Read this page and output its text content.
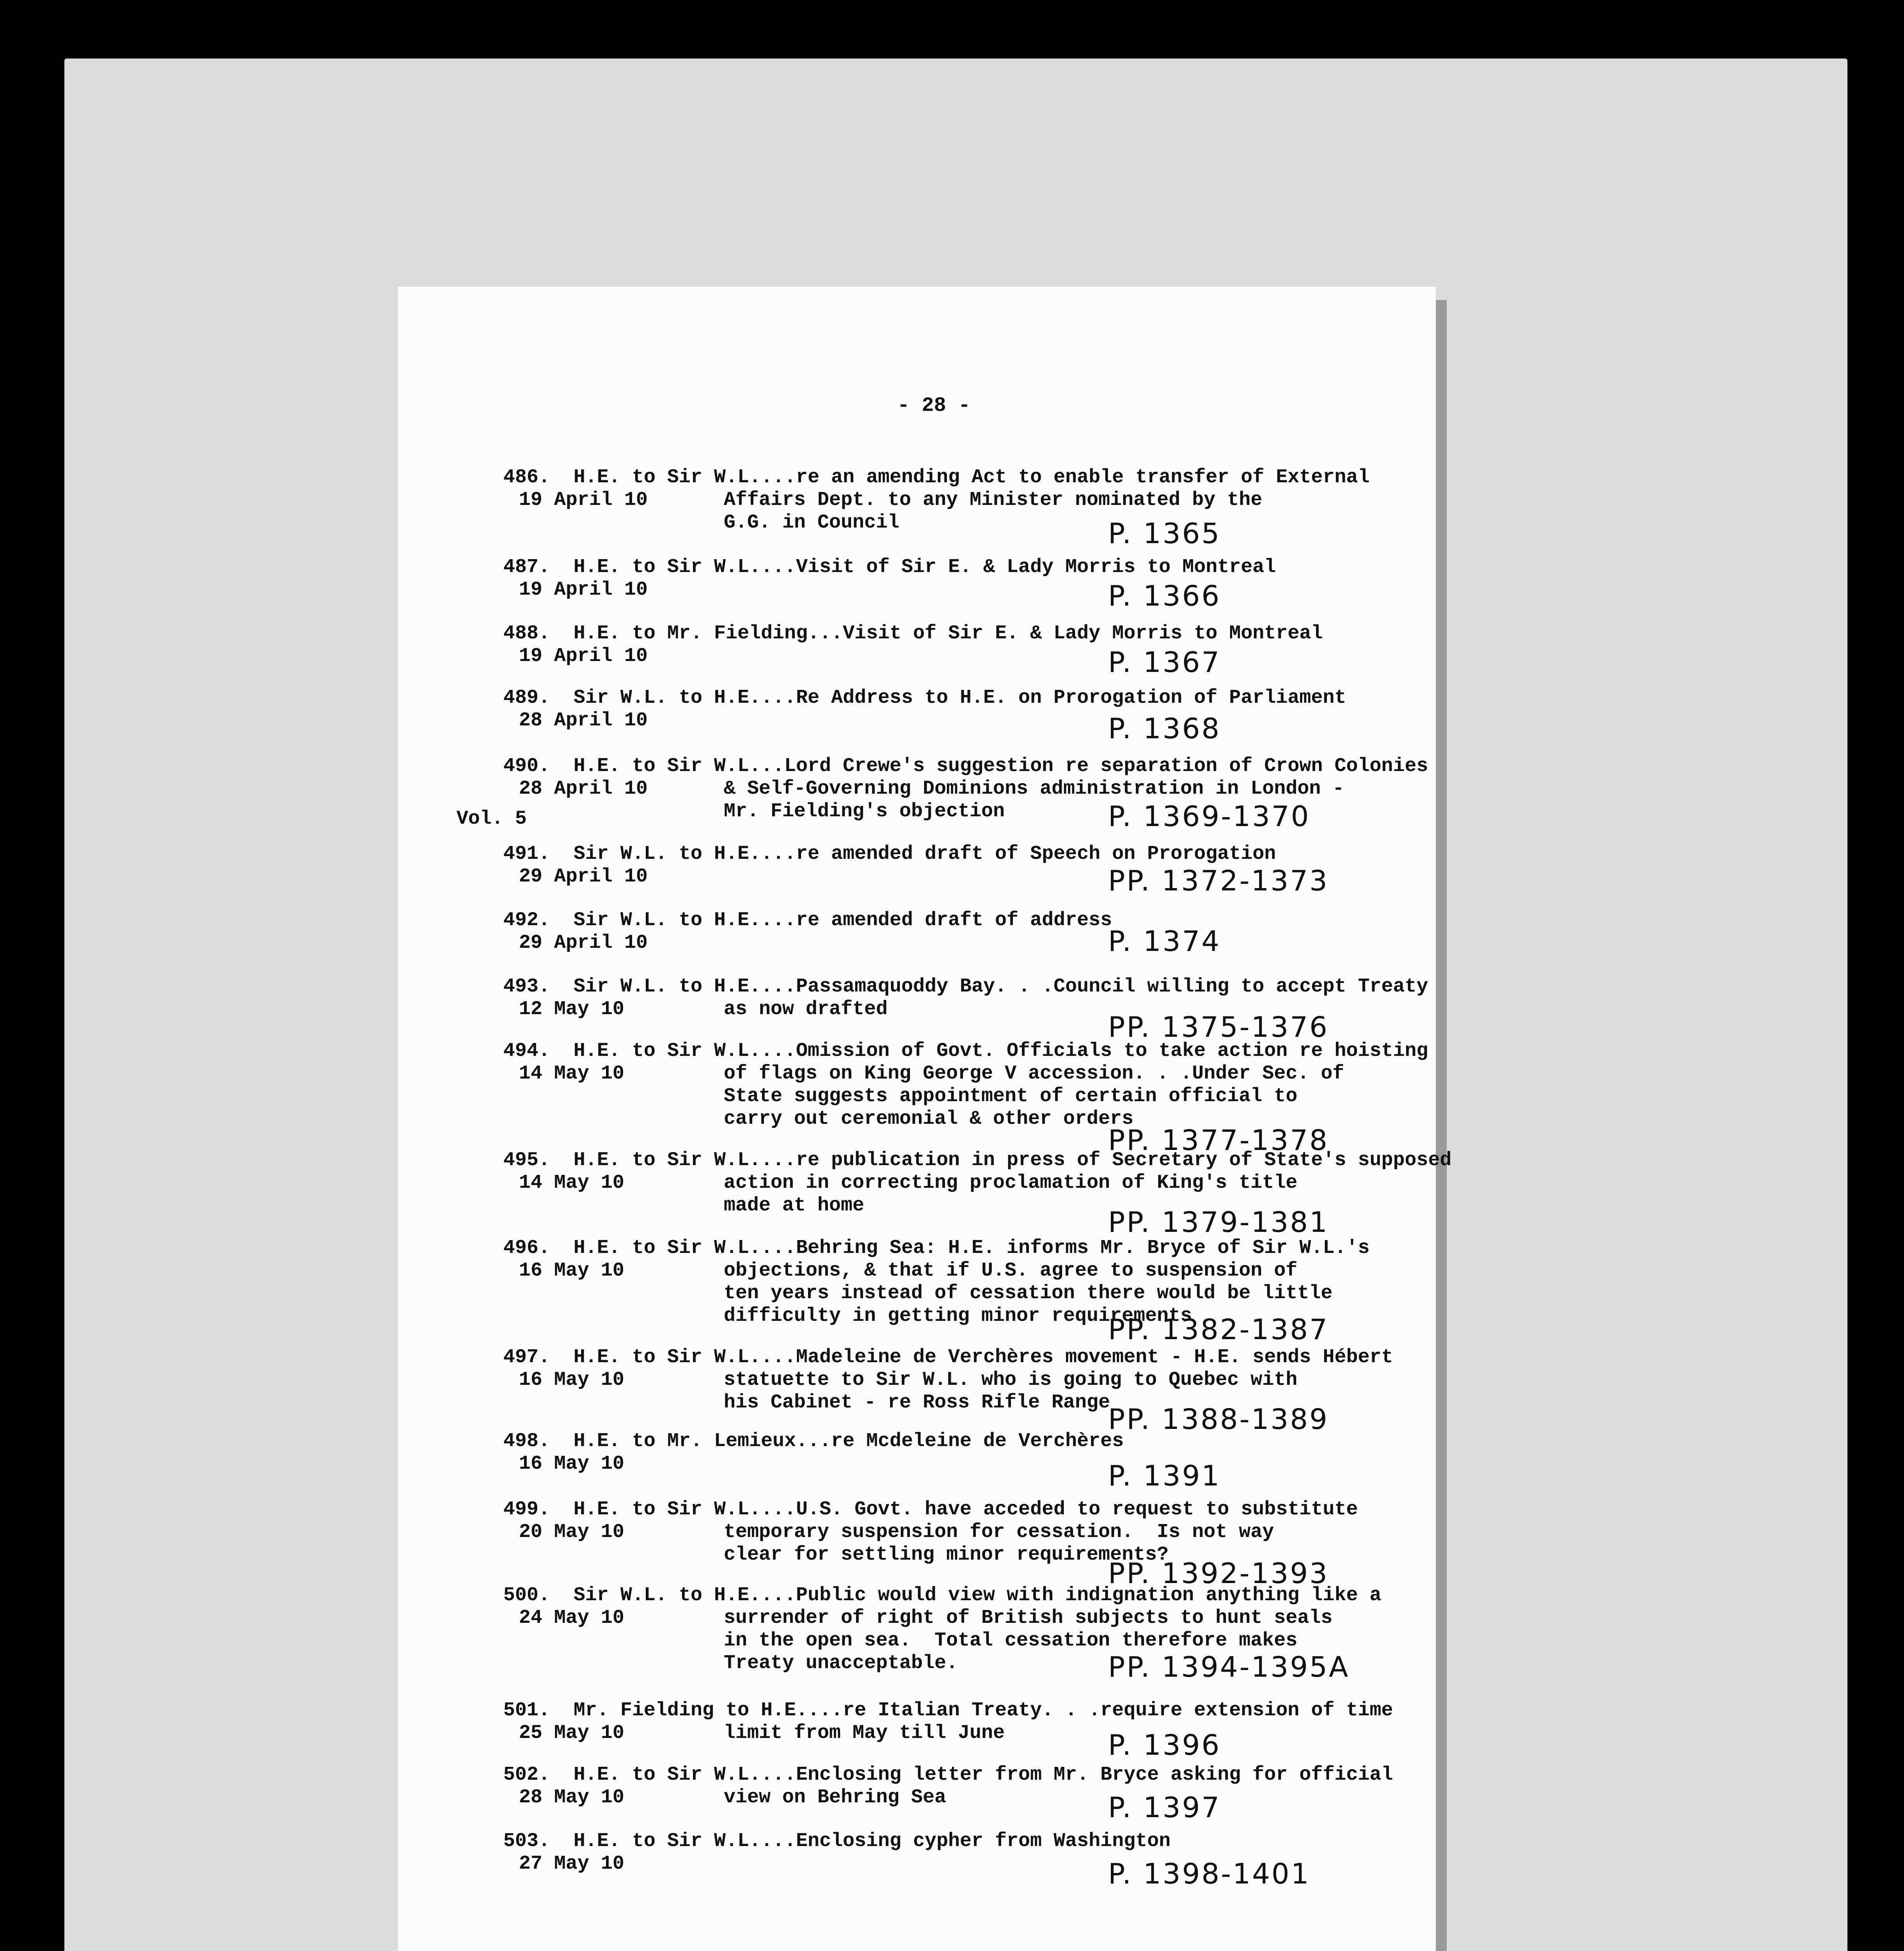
- 28 -
Vol. 5
486. H.E. to Sir W.L....re an amending Act to enable transfer of External
19 April 10	Affairs Dept. to any Minister nominated by the
G.G. in Council	P. 1365
487. H.E. to Sir W.L....Visit of Sir E. & Lady Morris to Montreal
19 April 10	P. 1366
488. H.E. to Mr. Fielding...Visit of Sir E. & Lady Morris to Montreal
19 April 10	P. 1367
489. Sir W.L. to H.E....Re Address to H.E. on Prorogation of Parliament
28 April 10	P. 1368
490. H.E. to Sir W.L...Lord Crewe's suggestion re separation of Crown Colonies
28 April 10	& Self-Governing Dominions administration in London -
Mr. Fielding's objection	P. 1369-1370
491. Sir W.L. to H.E....re amended draft of Speech on Prorogation
29 April 10	PP. 1372-1373
492. Sir W.L. to H.E....re amended draft of address
29 April 10	P. 1374
493. Sir W.L. to H.E....Passamaquoddy Bay. . .Council willing to accept Treaty
12 May 10	as now drafted
PP. 1375-1376
494. H.E. to Sir W.L....Omission of Govt. Officials to take action re hoisting
14 May 10	of flags on King George V accession. . .Under Sec. of
State suggests appointment of certain official to
carry out ceremonial & other orders
PP. 1377-1378
495. H.E. to Sir W.L....re publication in press of Secretary of State's supposed
14 May 10	action in correcting proclamation of King's title
made at home
PP. 1379-1381
496. H.E. to Sir W.L....Behring Sea: H.E. informs Mr. Bryce of Sir W.L.'s
16 May 10	objections, & that if U.S. agree to suspension of
ten years instead of cessation there would be little
difficulty in getting minor requirements
PP. 1382-1387
497. H.E. to Sir W.L....Madeleine de Verchères movement - H.E. sends Hébert
16 May 10	statuette to Sir W.L. who is going to Quebec with
his Cabinet - re Ross Rifle Range
PP. 1388-1389
498. H.E. to Mr. Lemieux...re Mcdeleine de Verchères
16 May 10	P. 1391
499. H.E. to Sir W.L....U.S. Govt. have acceded to request to substitute
20 May 10	temporary suspension for cessation.  Is not way
clear for settling minor requirements?
PP. 1392-1393
500. Sir W.L. to H.E....Public would view with indignation anything like a
24 May 10	surrender of right of British subjects to hunt seals
in the open sea.  Total cessation therefore makes
Treaty unacceptable.	PP. 1394-1395A
501. Mr. Fielding to H.E....re Italian Treaty. . .require extension of time
25 May 10	limit from May till June	P. 1396
502. H.E. to Sir W.L....Enclosing letter from Mr. Bryce asking for official
28 May 10	view on Behring Sea	P. 1397
503. H.E. to Sir W.L....Enclosing cypher from Washington
27 May 10	P. 1398-1401
